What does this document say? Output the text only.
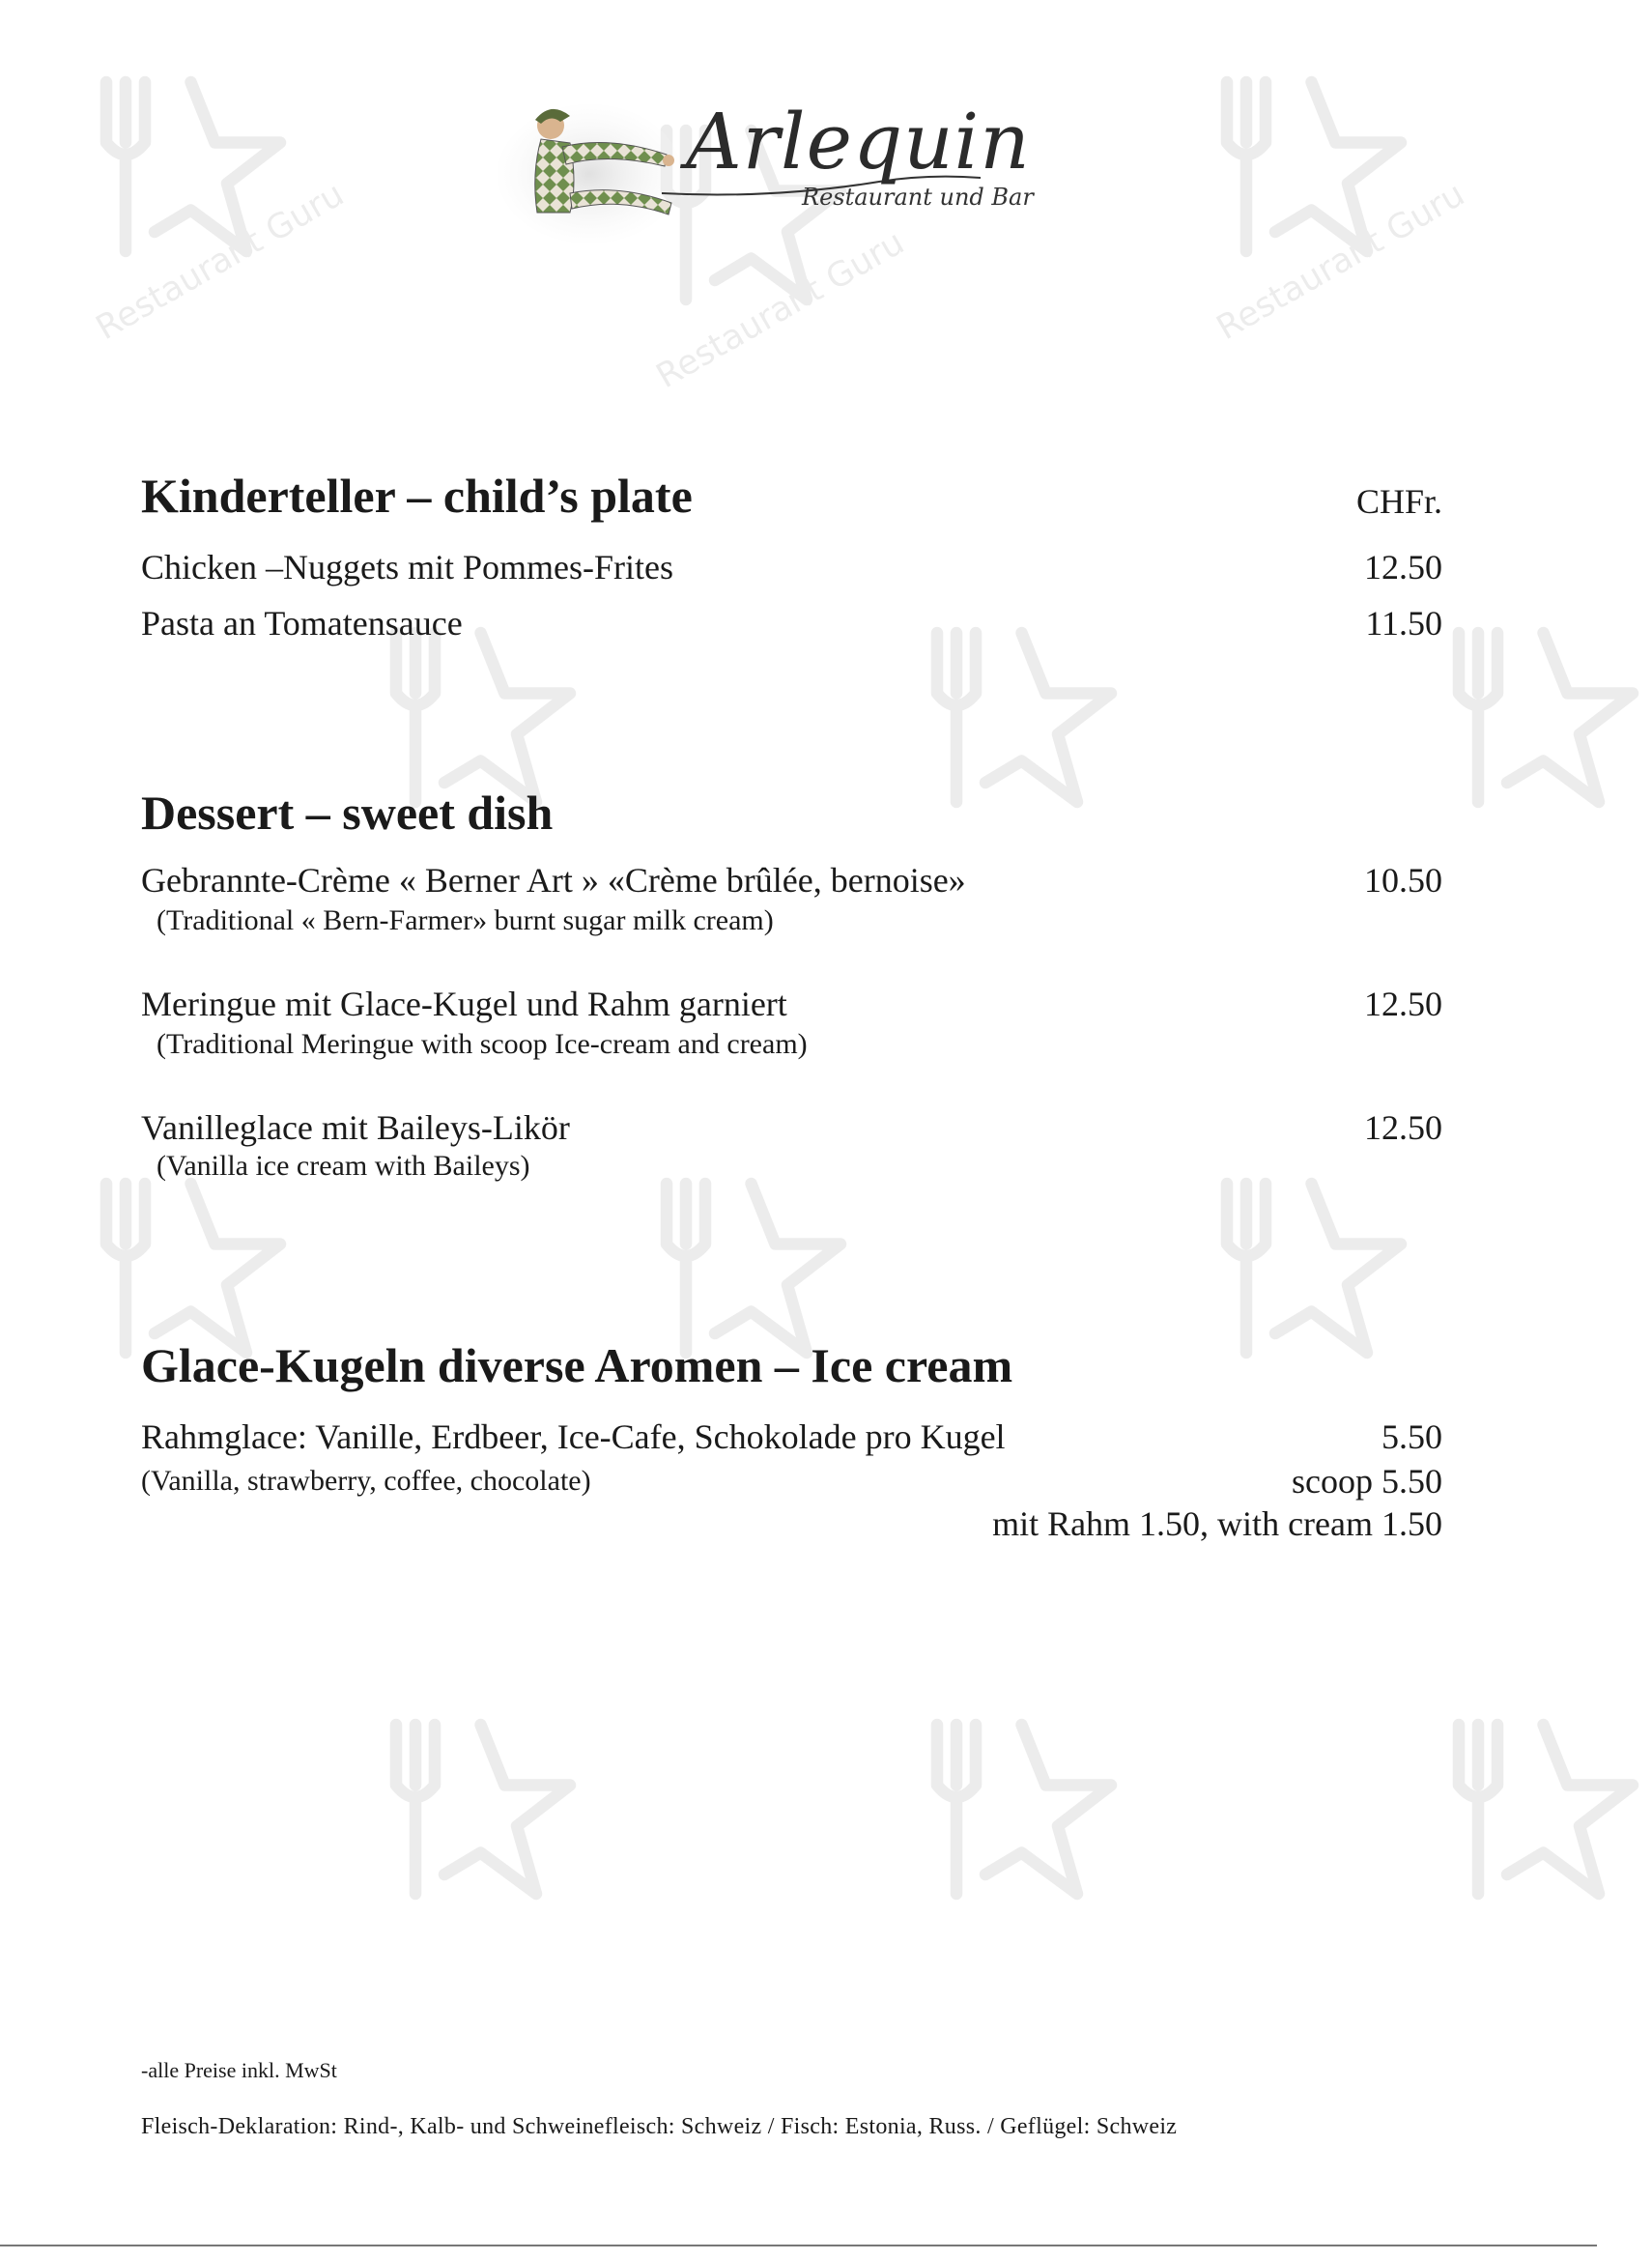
Restaurant Guru	Restaurant Guru	Restaurant Guru
Arlequin
Restaurant und Bar
Kinderteller – child’s plate	CHFr.
Chicken –Nuggets mit Pommes-Frites	12.50
Pasta an Tomatensauce	11.50
Dessert – sweet dish
Gebrannte-Crème « Berner Art » «Crème brûlée, bernoise»	10.50
(Traditional « Bern-Farmer» burnt sugar milk cream)
Meringue mit Glace-Kugel und Rahm garniert	12.50
(Traditional Meringue with scoop Ice-cream and cream)
Vanilleglace mit Baileys-Likör	12.50
(Vanilla ice cream with Baileys)
Glace-Kugeln diverse Aromen – Ice cream
Rahmglace: Vanille, Erdbeer, Ice-Cafe, Schokolade pro Kugel	5.50
(Vanilla, strawberry, coffee, chocolate)	scoop 5.50
mit Rahm 1.50, with cream 1.50
-alle Preise inkl. MwSt
Fleisch-Deklaration: Rind-, Kalb- und Schweinefleisch: Schweiz / Fisch: Estonia, Russ. / Geflügel: Schweiz
